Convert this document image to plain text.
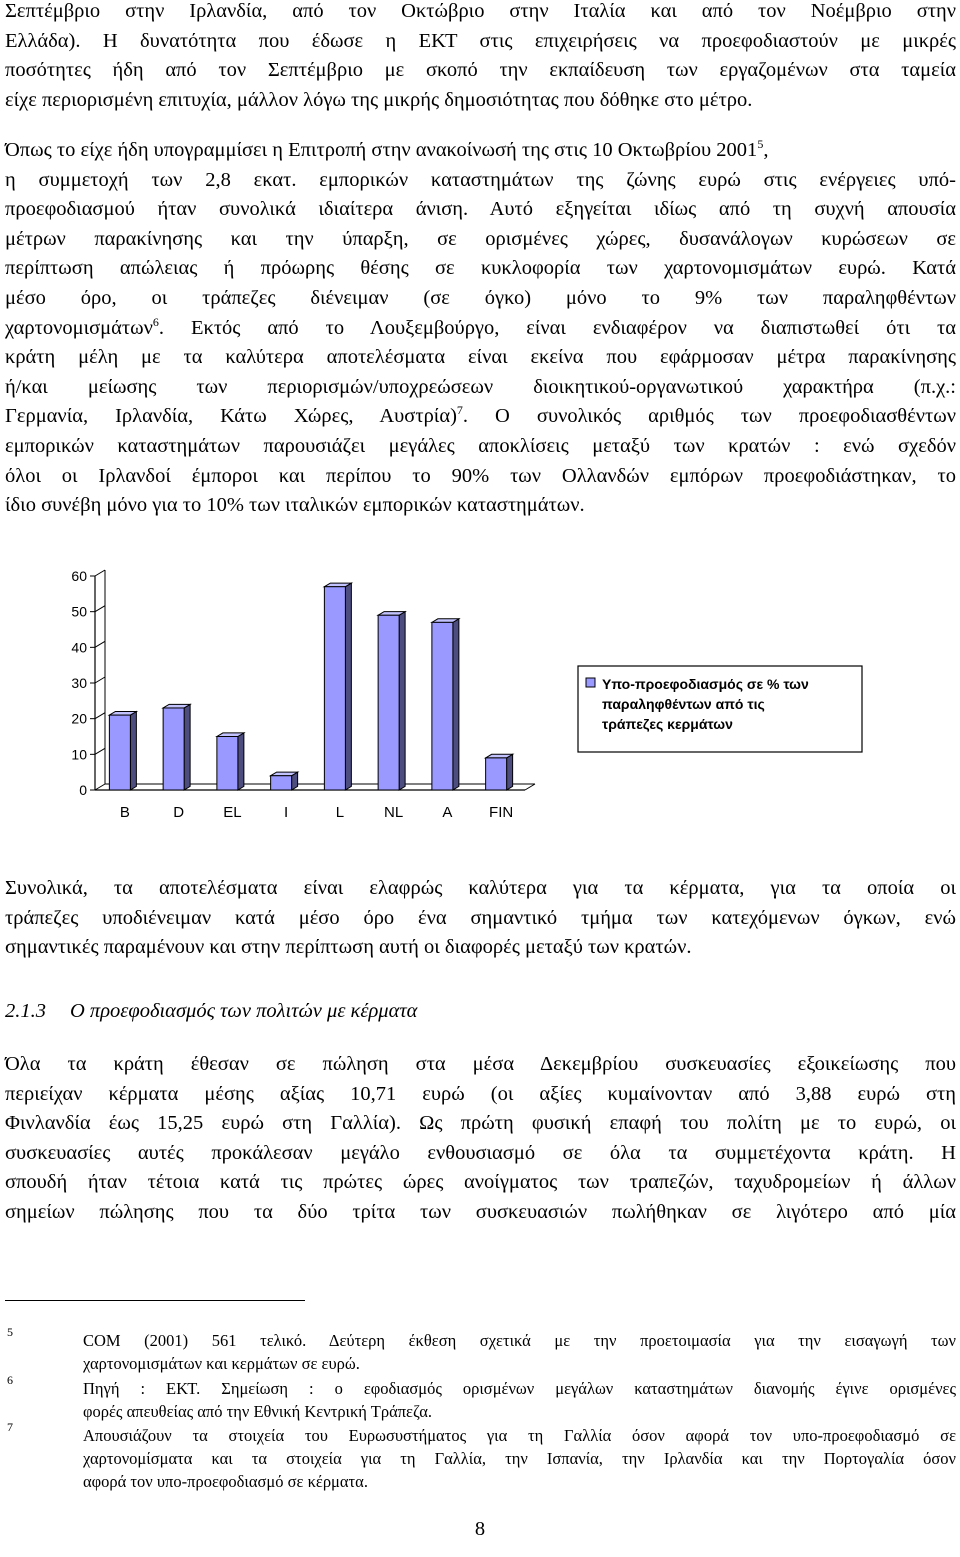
Σεπτέμβριο στην Ιρλανδία, από τον Οκτώβριο στην Ιταλία και από τον Νοέμβριο στην
Ελλάδα). Η δυνατότητα που έδωσε η ΕΚΤ στις επιχειρήσεις να προεφοδιαστούν με μικρές
ποσότητες ήδη από τον Σεπτέμβριο με σκοπό την εκπαίδευση των εργαζομένων στα ταμεία
είχε περιορισμένη επιτυχία, μάλλον λόγω της μικρής δημοσιότητας που δόθηκε στο μέτρο.
Όπως το είχε ήδη υπογραμμίσει η Επιτροπή στην ανακοίνωσή της στις 10 Οκτωβρίου 2001$^5$,
η συμμετοχή των 2,8 εκατ. εμπορικών καταστημάτων της ζώνης ευρώ στις ενέργειες υπό-
προεφοδιασμού ήταν συνολικά ιδιαίτερα άνιση. Αυτό εξηγείται ιδίως από τη συχνή απουσία
μέτρων παρακίνησης και την ύπαρξη, σε ορισμένες χώρες, δυσανάλογων κυρώσεων σε
περίπτωση απώλειας ή πρόωρης θέσης σε κυκλοφορία των χαρτονομισμάτων ευρώ. Κατά
μέσο όρο, οι τράπεζες διένειμαν (σε όγκο) μόνο το 9% των παραληφθέντων
χαρτονομισμάτων$^6$. Εκτός από το Λουξεμβούργο, είναι ενδιαφέρον να διαπιστωθεί ότι τα
κράτη μέλη με τα καλύτερα αποτελέσματα είναι εκείνα που εφάρμοσαν μέτρα παρακίνησης
ή/και μείωσης των περιορισμών/υποχρεώσεων διοικητικού-οργανωτικού χαρακτήρα (π.χ.:
Γερμανία, Ιρλανδία, Κάτω Χώρες, Αυστρία)$^7$. Ο συνολικός αριθμός των προεφοδιασθέντων
εμπορικών καταστημάτων παρουσιάζει μεγάλες αποκλίσεις μεταξύ των κρατών : ενώ σχεδόν
όλοι οι Ιρλανδοί έμποροι και περίπου το 90% των Ολλανδών εμπόρων προεφοδιάστηκαν, το
ίδιο συνέβη μόνο για το 10% των ιταλικών εμπορικών καταστημάτων.
0
10
20
30
40
50
60
B	D	EL	I	L	NL	A FIN
Υπο-προεφοδιασμός σε % των
παραληφθέντων από τις
τράπεζες κερμάτων
Συνολικά, τα αποτελέσματα είναι ελαφρώς καλύτερα για τα κέρματα, για τα οποία οι
τράπεζες υποδιένειμαν κατά μέσο όρο ένα σημαντικό τμήμα των κατεχόμενων όγκων, ενώ
σημαντικές παραμένουν και στην περίπτωση αυτή οι διαφορές μεταξύ των κρατών.
2.1.3 Ο προεφοδιασμός των πολιτών με κέρματα
Όλα τα κράτη έθεσαν σε πώληση στα μέσα Δεκεμβρίου συσκευασίες εξοικείωσης που
περιείχαν κέρματα μέσης αξίας 10,71 ευρώ (οι αξίες κυμαίνονταν από 3,88 ευρώ στη
Φινλανδία έως 15,25 ευρώ στη Γαλλία). Ως πρώτη φυσική επαφή του πολίτη με το ευρώ, οι
συσκευασίες αυτές προκάλεσαν μεγάλο ενθουσιασμό σε όλα τα συμμετέχοντα κράτη. Η
σπουδή ήταν τέτοια κατά τις πρώτες ώρες ανοίγματος των τραπεζών, ταχυδρομείων ή άλλων
σημείων πώλησης που τα δύο τρίτα των συσκευασιών πωλήθηκαν σε λιγότερο από μία
5	COM (2001) 561 τελικό. Δεύτερη έκθεση σχετικά με την προετοιμασία για την εισαγωγή των
χαρτονομισμάτων και κερμάτων σε ευρώ.
6	Πηγή : ΕΚΤ. Σημείωση : ο εφοδιασμός ορισμένων μεγάλων καταστημάτων διανομής έγινε ορισμένες
φορές απευθείας από την Εθνική Κεντρική Τράπεζα.
7	Απουσιάζουν τα στοιχεία του Ευρωσυστήματος για τη Γαλλία όσον αφορά τον υπο-προεφοδιασμό σε
χαρτονομίσματα και τα στοιχεία για τη Γαλλία, την Ισπανία, την Ιρλανδία και την Πορτογαλία όσον
αφορά τον υπο-προεφοδιασμό σε κέρματα.
8
